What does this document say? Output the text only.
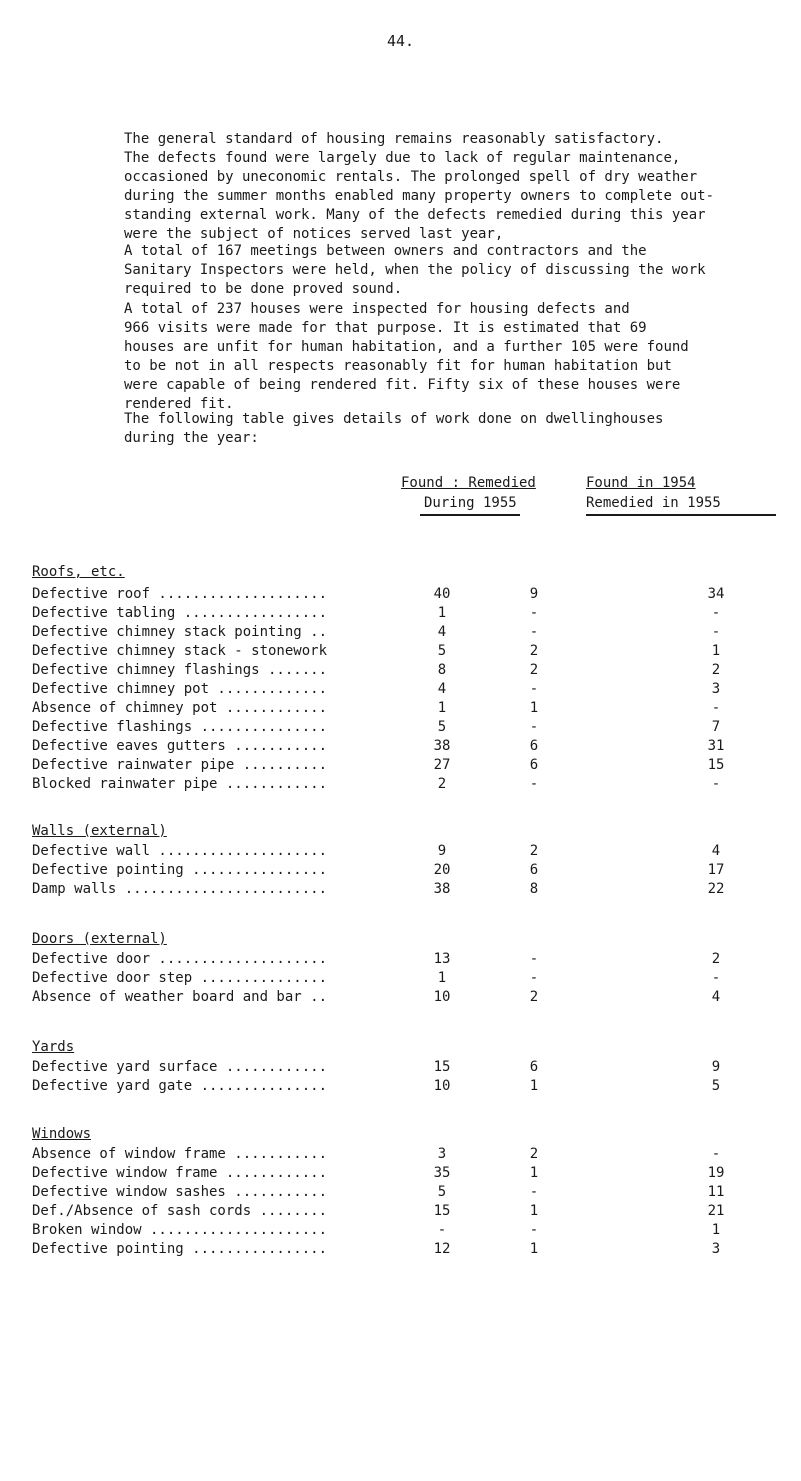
44.

The general standard of housing remains reasonably satisfactory.
The defects found were largely due to lack of regular maintenance,
occasioned by uneconomic rentals. The prolonged spell of dry weather
during the summer months enabled many property owners to complete out-
standing external work. Many of the defects remedied during this year
were the subject of notices served last year,

A total of 167 meetings between owners and contractors and the
Sanitary Inspectors were held, when the policy of discussing the work
required to be done proved sound.

A total of 237 houses were inspected for housing defects and
966 visits were made for that purpose. It is estimated that 69
houses are unfit for human habitation, and a further 105 were found
to be not in all respects reasonably fit for human habitation but
were capable of being rendered fit. Fifty six of these houses were
rendered fit.

The following table gives details of work done on dwellinghouses
during the year:

Found : Remedied
During 1955
Found in 1954
Remedied in 1955
Roofs, etc.
Defective roof ....................	40	9	34
Defective tabling .................	1	-	-
Defective chimney stack pointing ..	4	-	-
Defective chimney stack - stonework	5	2	1
Defective chimney flashings .......	8	2	2
Defective chimney pot .............	4	-	3
Absence of chimney pot ............	1	1	-
Defective flashings ...............	5	-	7
Defective eaves gutters ...........	38	6	31
Defective rainwater pipe ..........	27	6	15
Blocked rainwater pipe ............	2	-	-
Walls (external)
Defective wall ....................	9	2	4
Defective pointing ................	20	6	17
Damp walls ........................	38	8	22
Doors (external)
Defective door ....................	13	-	2
Defective door step ...............	1	-	-
Absence of weather board and bar ..	10	2	4
Yards
Defective yard surface ............	15	6	9
Defective yard gate ...............	10	1	5
Windows
Absence of window frame ...........	3	2	-
Defective window frame ............	35	1	19
Defective window sashes ...........	5	-	11
Def./Absence of sash cords ........	15	1	21
Broken window .....................	-	-	1
Defective pointing ................	12	1	3
